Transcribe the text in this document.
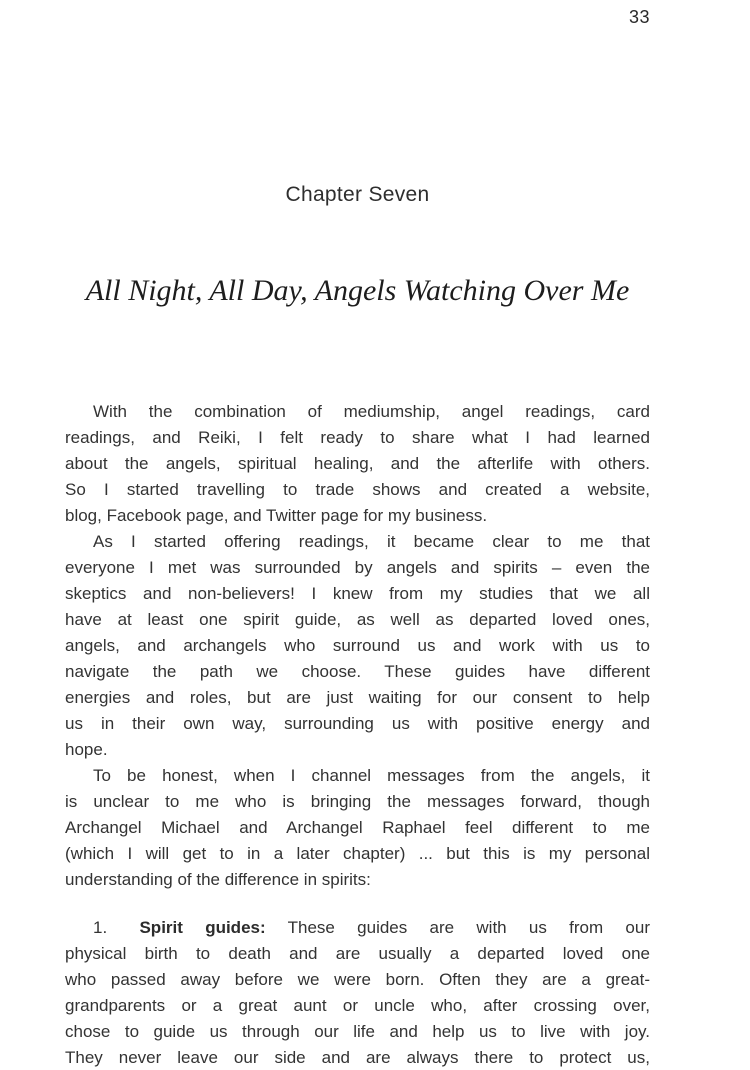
33
Chapter Seven
All Night, All Day, Angels Watching Over Me
With the combination of mediumship, angel readings, card
readings, and Reiki, I felt ready to share what I had learned
about the angels, spiritual healing, and the afterlife with others.
So I started travelling to trade shows and created a website,
blog, Facebook page, and Twitter page for my business.
As I started offering readings, it became clear to me that
everyone I met was surrounded by angels and spirits – even the
skeptics and non-believers! I knew from my studies that we all
have at least one spirit guide, as well as departed loved ones,
angels, and archangels who surround us and work with us to
navigate the path we choose. These guides have different
energies and roles, but are just waiting for our consent to help
us in their own way, surrounding us with positive energy and
hope.
To be honest, when I channel messages from the angels, it
is unclear to me who is bringing the messages forward, though
Archangel Michael and Archangel Raphael feel different to me
(which I will get to in a later chapter) ... but this is my personal
understanding of the difference in spirits:
1. Spirit guides: These guides are with us from our
physical birth to death and are usually a departed loved one
who passed away before we were born. Often they are a great-
grandparents or a great aunt or uncle who, after crossing over,
chose to guide us through our life and help us to live with joy.
They never leave our side and are always there to protect us,
